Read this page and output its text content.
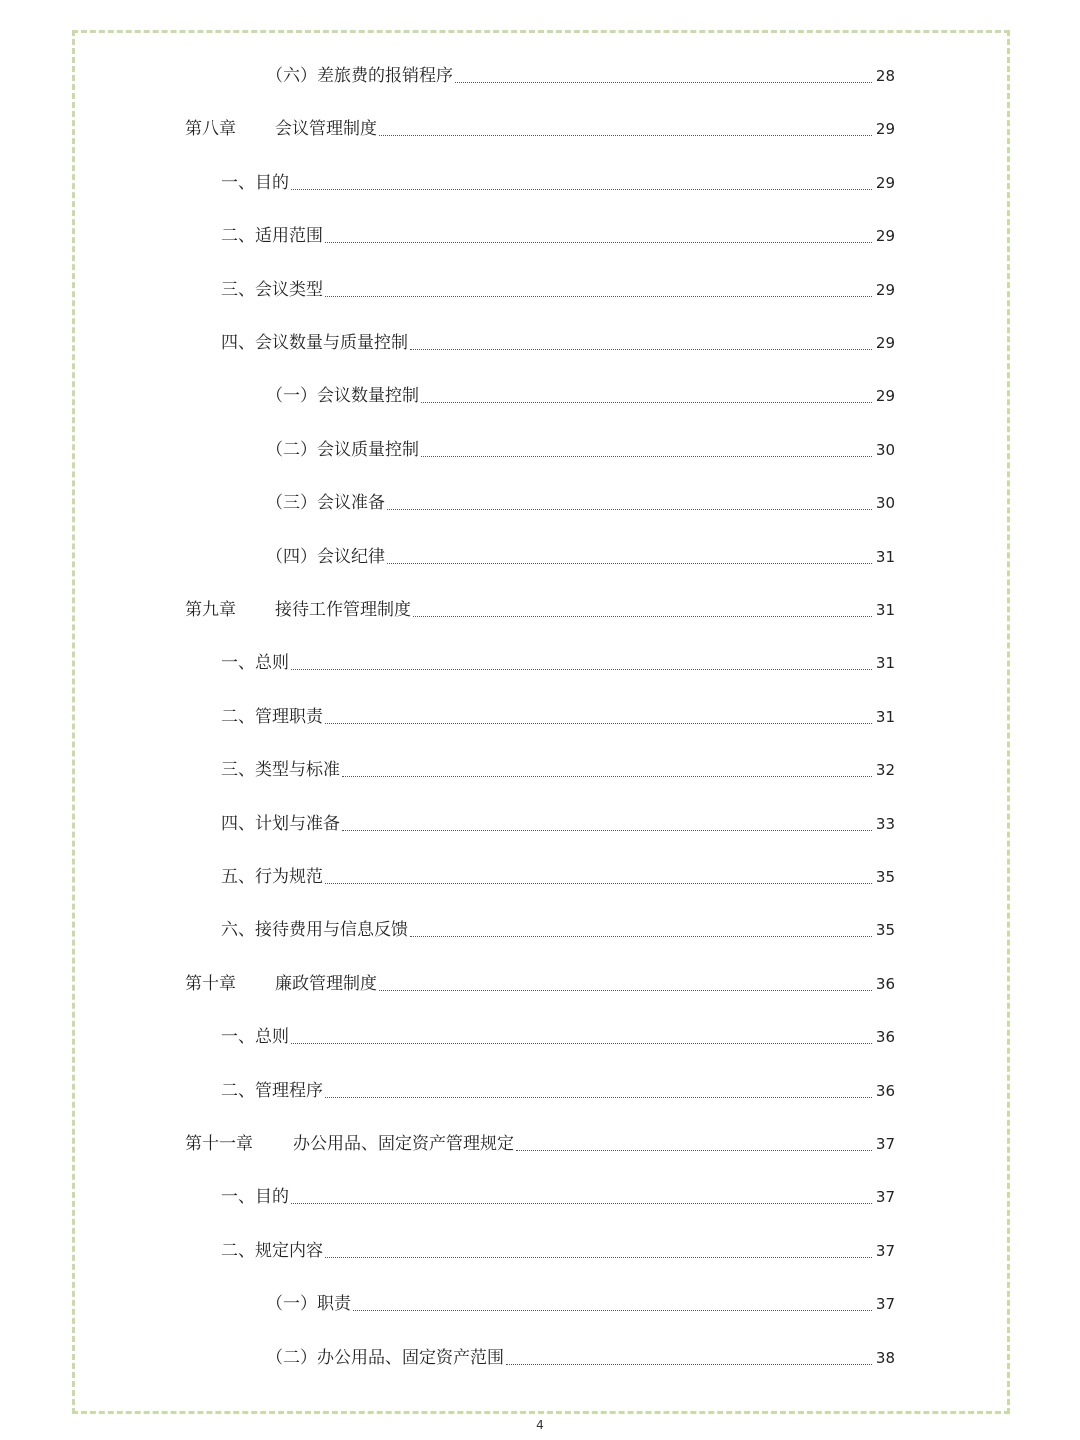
（六）差旅费的报销程序	28
第八章 会议管理制度	29
一、目的	29
二、适用范围	29
三、会议类型	29
四、会议数量与质量控制	29
（一）会议数量控制	29
（二）会议质量控制	30
（三）会议准备	30
（四）会议纪律	31
第九章 接待工作管理制度	31
一、总则	31
二、管理职责	31
三、类型与标准	32
四、计划与准备	33
五、行为规范	35
六、接待费用与信息反馈	35
第十章 廉政管理制度	36
一、总则	36
二、管理程序	36
第十一章 办公用品、固定资产管理规定	37
一、目的	37
二、规定内容	37
（一）职责	37
（二）办公用品、固定资产范围	38
4
